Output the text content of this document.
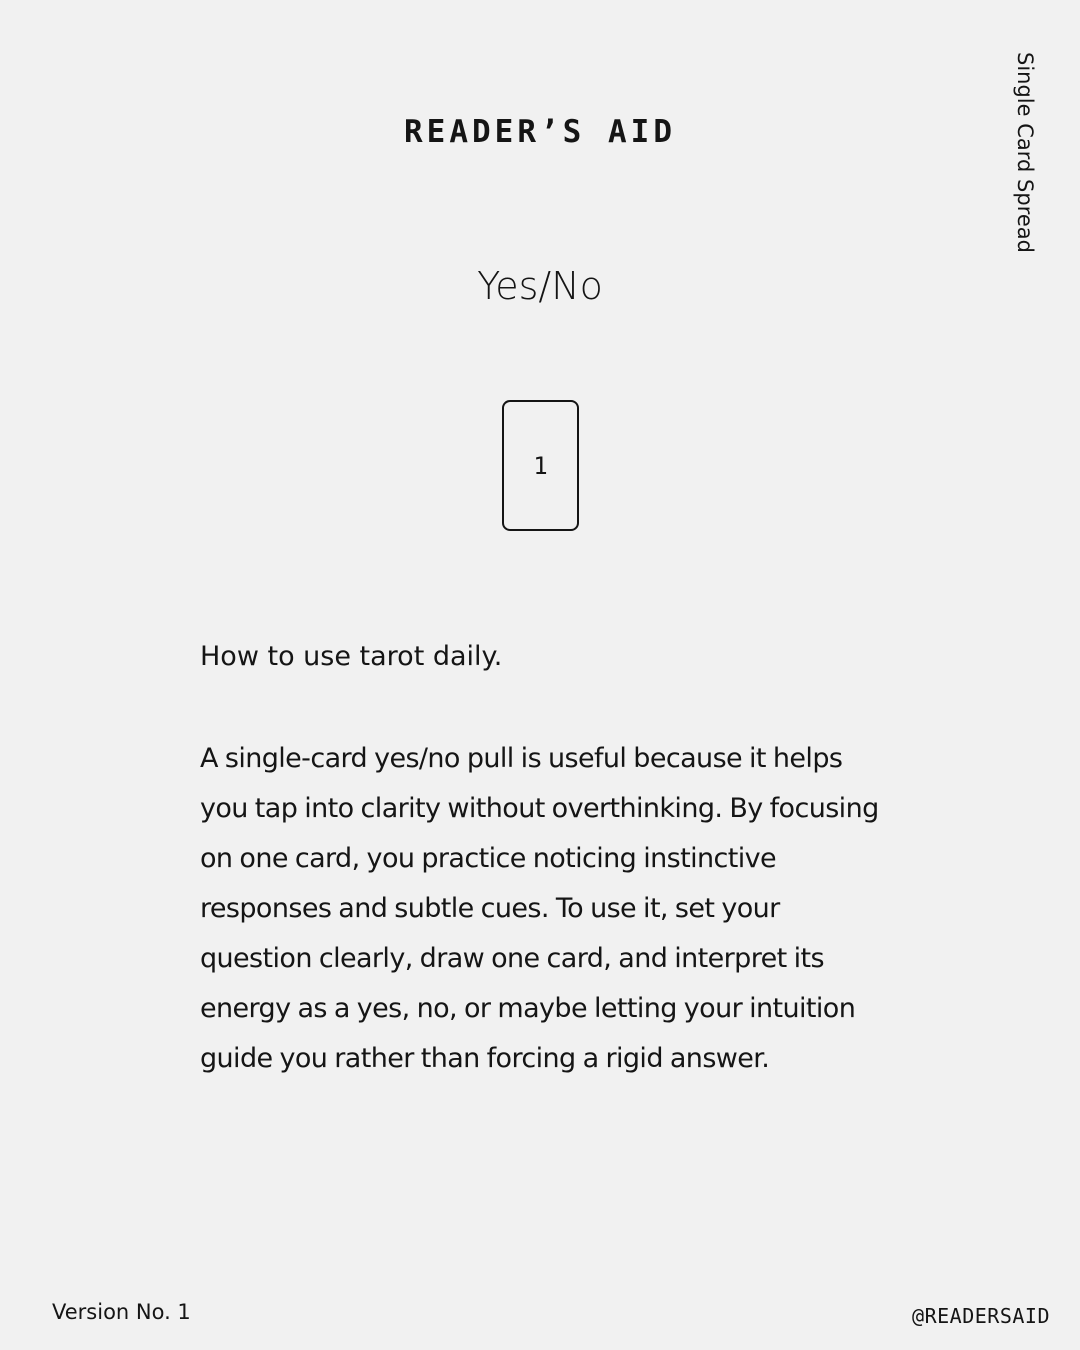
READER’S AID	Single Card Spread
Yes/No
1

How to use tarot daily.

A single-card yes/no pull is useful because it helps you tap into clarity without overthinking. By focusing on one card, you practice noticing instinctive responses and subtle cues. To use it, set your question clearly, draw one card, and interpret its energy as a yes, no, or maybe letting your intuition guide you rather than forcing a rigid answer.

Version No. 1	@READERSAID
